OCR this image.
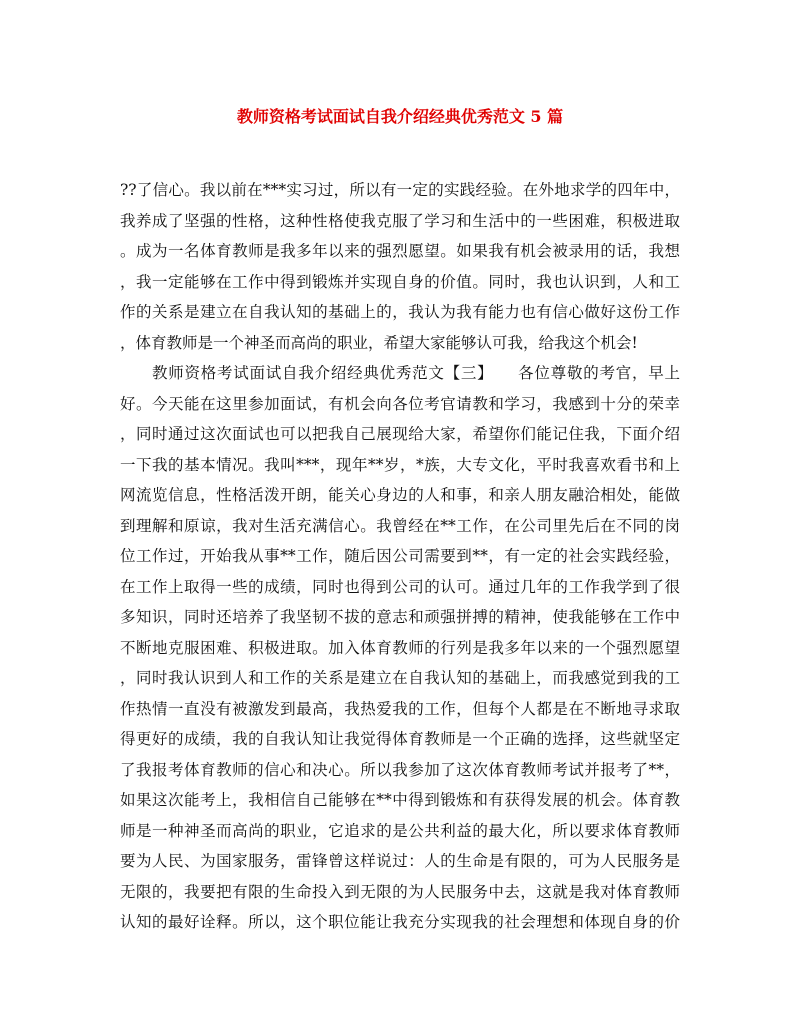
教师资格考试面试自我介绍经典优秀范文 5 篇
??了信心。我以前在***实习过，所以有一定的实践经验。在外地求学的四年中，
我养成了坚强的性格，这种性格使我克服了学习和生活中的一些困难，积极进取
。成为一名体育教师是我多年以来的强烈愿望。如果我有机会被录用的话，我想
，我一定能够在工作中得到锻炼并实现自身的价值。同时，我也认识到，人和工
作的关系是建立在自我认知的基础上的，我认为我有能力也有信心做好这份工作
，体育教师是一个神圣而高尚的职业，希望大家能够认可我，给我这个机会!
教师资格考试面试自我介绍经典优秀范文【三】　　各位尊敬的考官，早上
好。今天能在这里参加面试，有机会向各位考官请教和学习，我感到十分的荣幸
，同时通过这次面试也可以把我自己展现给大家，希望你们能记住我，下面介绍
一下我的基本情况。我叫***，现年**岁，*族，大专文化，平时我喜欢看书和上
网流览信息，性格活泼开朗，能关心身边的人和事，和亲人朋友融洽相处，能做
到理解和原谅，我对生活充满信心。我曾经在**工作，在公司里先后在不同的岗
位工作过，开始我从事**工作，随后因公司需要到**，有一定的社会实践经验，
在工作上取得一些的成绩，同时也得到公司的认可。通过几年的工作我学到了很
多知识，同时还培养了我坚韧不拔的意志和顽强拼搏的精神，使我能够在工作中
不断地克服困难、积极进取。加入体育教师的行列是我多年以来的一个强烈愿望
，同时我认识到人和工作的关系是建立在自我认知的基础上，而我感觉到我的工
作热情一直没有被激发到最高，我热爱我的工作，但每个人都是在不断地寻求取
得更好的成绩，我的自我认知让我觉得体育教师是一个正确的选择，这些就坚定
了我报考体育教师的信心和决心。所以我参加了这次体育教师考试并报考了**，
如果这次能考上，我相信自己能够在**中得到锻炼和有获得发展的机会。体育教
师是一种神圣而高尚的职业，它追求的是公共利益的最大化，所以要求体育教师
要为人民、为国家服务，雷锋曾这样说过：人的生命是有限的，可为人民服务是
无限的，我要把有限的生命投入到无限的为人民服务中去，这就是我对体育教师
认知的最好诠释。所以，这个职位能让我充分实现我的社会理想和体现自身的价
